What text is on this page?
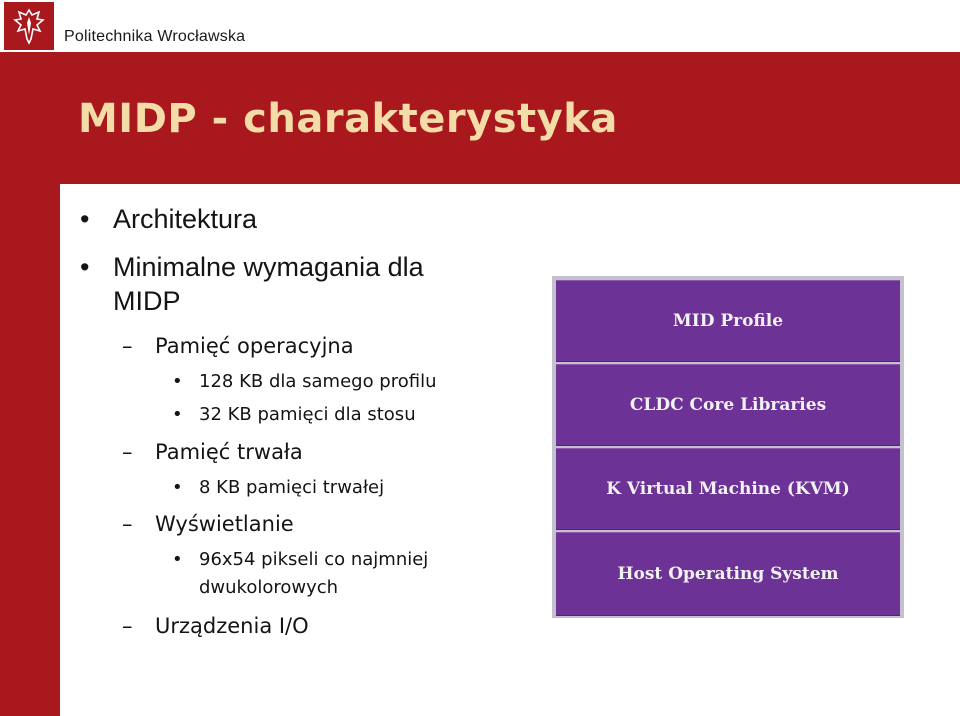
Politechnika Wrocławska
MIDP - charakterystyka
• Architektura
• Minimalne wymagania dla
MIDP
– Pamięć operacyjna
• 128 KB dla samego profilu
• 32 KB pamięci dla stosu
– Pamięć trwała
• 8 KB pamięci trwałej
– Wyświetlanie
• 96x54 pikseli co najmniej
dwukolorowych
– Urządzenia I/O
MID Profile
CLDC Core Libraries
K Virtual Machine (KVM)
Host Operating System
